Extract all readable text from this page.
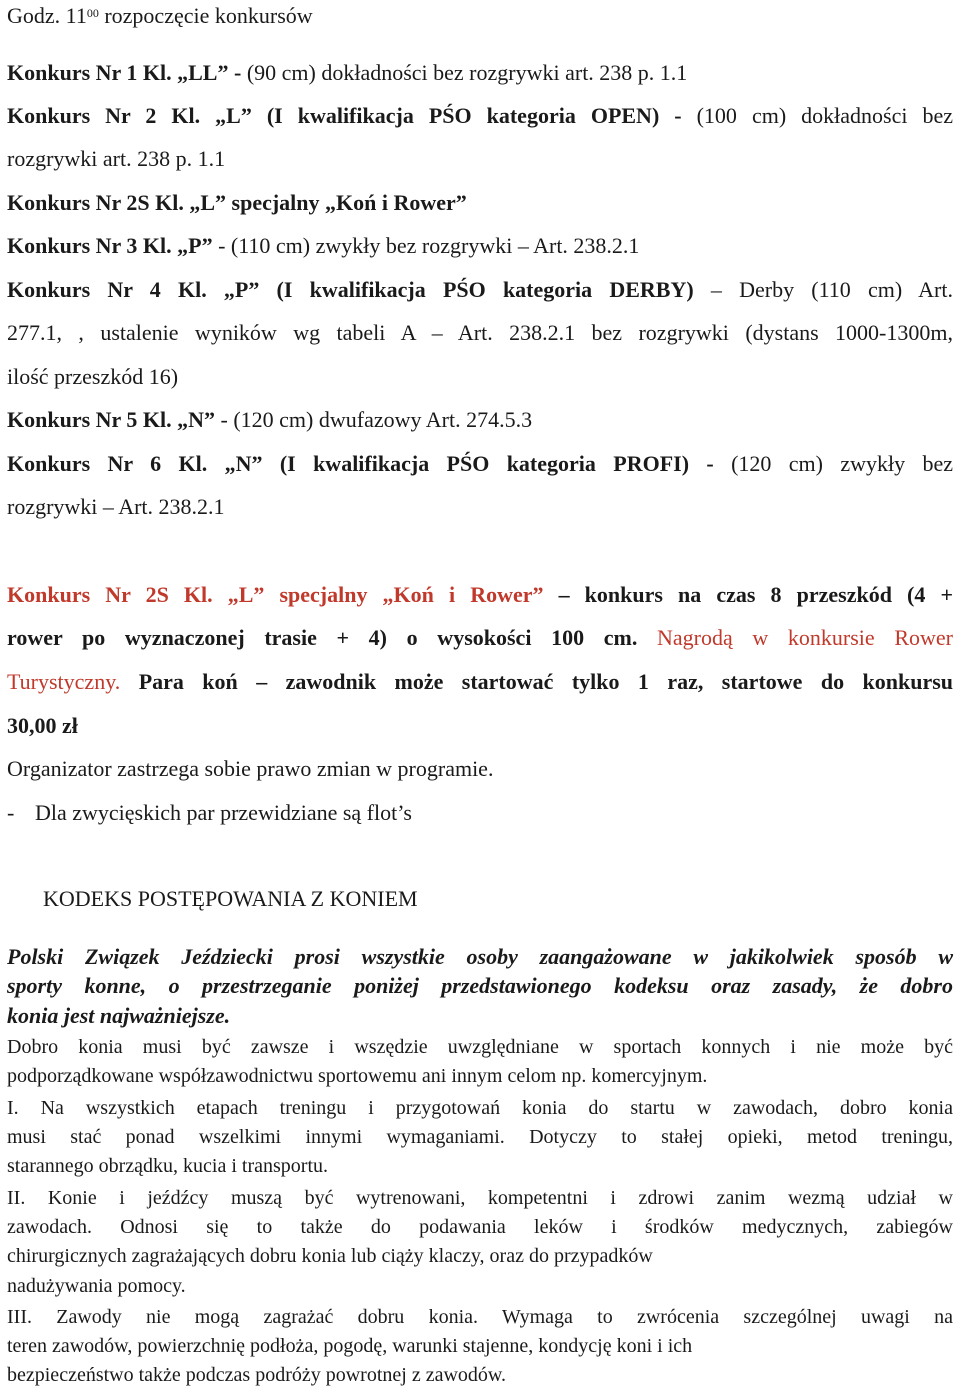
Godz. $11^{00}$ rozpoczęcie konkursów
Konkurs Nr 1 Kl. „LL” - (90 cm) dokładności bez rozgrywki art. 238 p. 1.1
Konkurs Nr 2 Kl. „L” (I kwalifikacja PŚO kategoria OPEN) - (100 cm) dokładności bez
rozgrywki art. 238 p. 1.1
Konkurs Nr 2S Kl. „L” specjalny „Koń i Rower”
Konkurs Nr 3 Kl. „P” - (110 cm) zwykły bez rozgrywki – Art. 238.2.1
Konkurs Nr 4 Kl. „P” (I kwalifikacja PŚO kategoria DERBY) – Derby (110 cm) Art.
277.1, , ustalenie wyników wg tabeli A – Art. 238.2.1 bez rozgrywki (dystans 1000-1300m,
ilość przeszkód 16)
Konkurs Nr 5 Kl. „N” - (120 cm) dwufazowy Art. 274.5.3
Konkurs Nr 6 Kl. „N” (I kwalifikacja PŚO kategoria PROFI) - (120 cm) zwykły bez
rozgrywki – Art. 238.2.1
Konkurs Nr 2S Kl. „L” specjalny „Koń i Rower” – konkurs na czas 8 przeszkód (4 +
rower po wyznaczonej trasie + 4) o wysokości 100 cm. Nagrodą w konkursie Rower
Turystyczny. Para koń – zawodnik może startować tylko 1 raz, startowe do konkursu
30,00 zł
Organizator zastrzega sobie prawo zmian w programie.
- Dla zwycięskich par przewidziane są flot’s
KODEKS POSTĘPOWANIA Z KONIEM
Polski Związek Jeździecki prosi wszystkie osoby zaangażowane w jakikolwiek sposób w
sporty konne, o przestrzeganie poniżej przedstawionego kodeksu oraz zasady, że dobro
konia jest najważniejsze.
Dobro konia musi być zawsze i wszędzie uwzględniane w sportach konnych i nie może być
podporządkowane współzawodnictwu sportowemu ani innym celom np. komercyjnym.
I. Na wszystkich etapach treningu i przygotowań konia do startu w zawodach, dobro konia
musi stać ponad wszelkimi innymi wymaganiami. Dotyczy to stałej opieki, metod treningu,
starannego obrządku, kucia i transportu.
II. Konie i jeźdźcy muszą być wytrenowani, kompetentni i zdrowi zanim wezmą udział w
zawodach. Odnosi się to także do podawania leków i środków medycznych, zabiegów
chirurgicznych zagrażających dobru konia lub ciąży klaczy, oraz do przypadków
nadużywania pomocy.
III. Zawody nie mogą zagrażać dobru konia. Wymaga to zwrócenia szczególnej uwagi na
teren zawodów, powierzchnię podłoża, pogodę, warunki stajenne, kondycję koni i ich
bezpieczeństwo także podczas podróży powrotnej z zawodów.
